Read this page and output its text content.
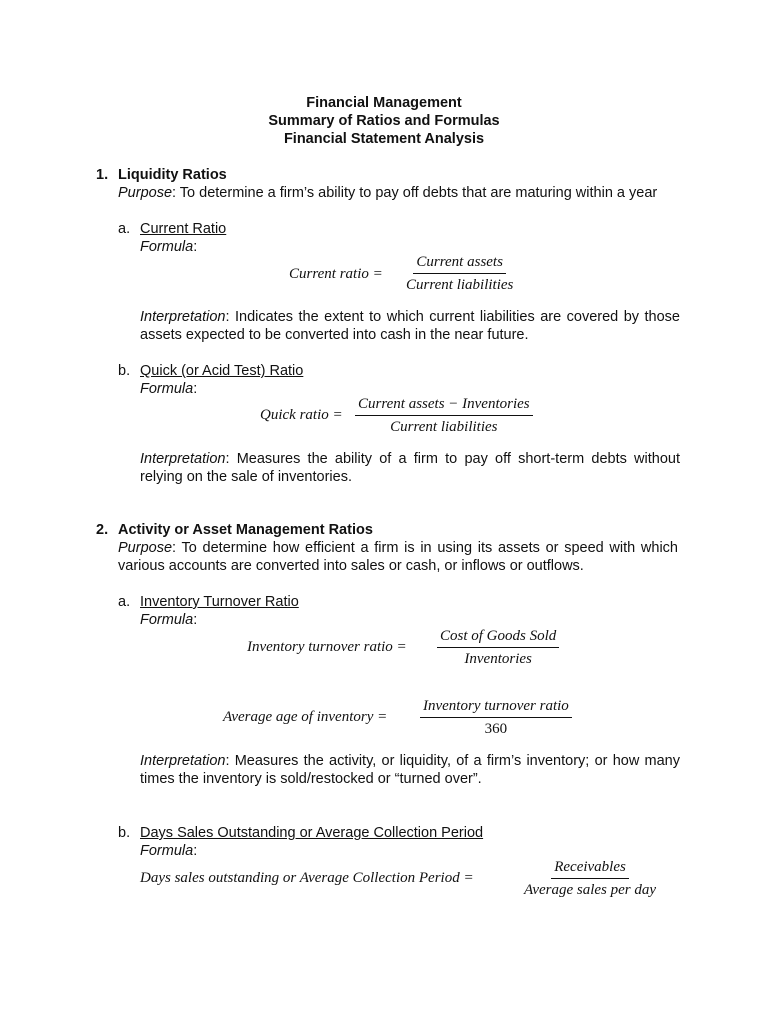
Financial Management
Summary of Ratios and Formulas
Financial Statement Analysis
1. Liquidity Ratios
Purpose: To determine a firm’s ability to pay off debts that are maturing within a year
a. Current Ratio
Formula:
Current ratio =
Current assets
Current liabilities
Interpretation: Indicates the extent to which current liabilities are covered by those assets expected to be converted into cash in the near future.
b. Quick (or Acid Test) Ratio
Formula:
Quick ratio =
Current assets − Inventories
Current liabilities
Interpretation: Measures the ability of a firm to pay off short-term debts without relying on the sale of inventories.
2. Activity or Asset Management Ratios
Purpose: To determine how efficient a firm is in using its assets or speed with which various accounts are converted into sales or cash, or inflows or outflows.
a. Inventory Turnover Ratio
Formula:
Inventory turnover ratio =
Cost of Goods Sold
Inventories
Average age of inventory =
Inventory turnover ratio
360
Interpretation: Measures the activity, or liquidity, of a firm’s inventory; or how many times the inventory is sold/restocked or “turned over”.
b. Days Sales Outstanding or Average Collection Period
Formula:
Days sales outstanding or Average Collection Period =
Receivables
Average sales per day
